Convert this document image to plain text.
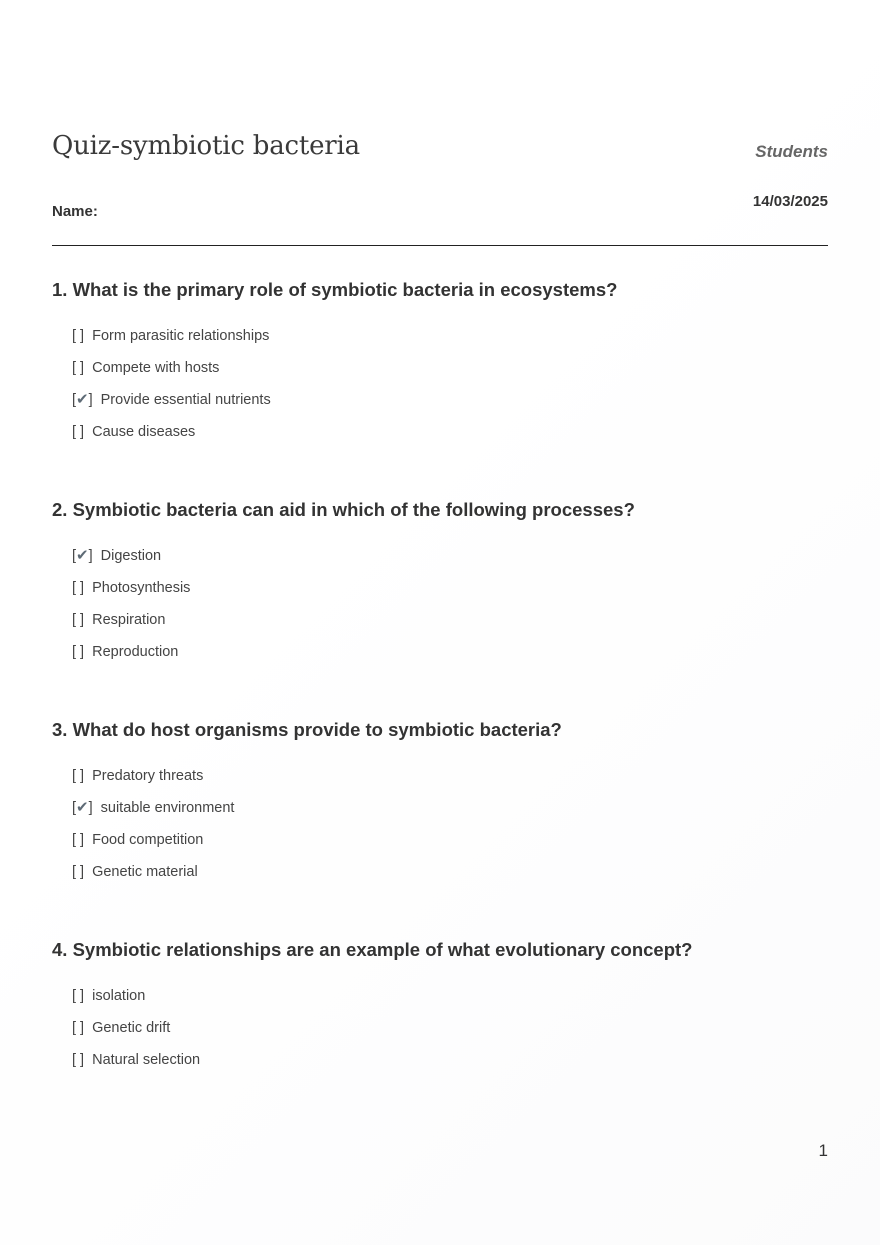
Quiz-symbiotic bacteria	Students
14/03/2025
Name:
1. What is the primary role of symbiotic bacteria in ecosystems?
[ ] Form parasitic relationships
[ ] Compete with hosts
[✔] Provide essential nutrients
[ ] Cause diseases
2. Symbiotic bacteria can aid in which of the following processes?
[✔] Digestion
[ ] Photosynthesis
[ ] Respiration
[ ] Reproduction
3. What do host organisms provide to symbiotic bacteria?
[ ] Predatory threats
[✔] suitable environment
[ ] Food competition
[ ] Genetic material
4. Symbiotic relationships are an example of what evolutionary concept?
[ ] isolation
[ ] Genetic drift
[ ] Natural selection
1
